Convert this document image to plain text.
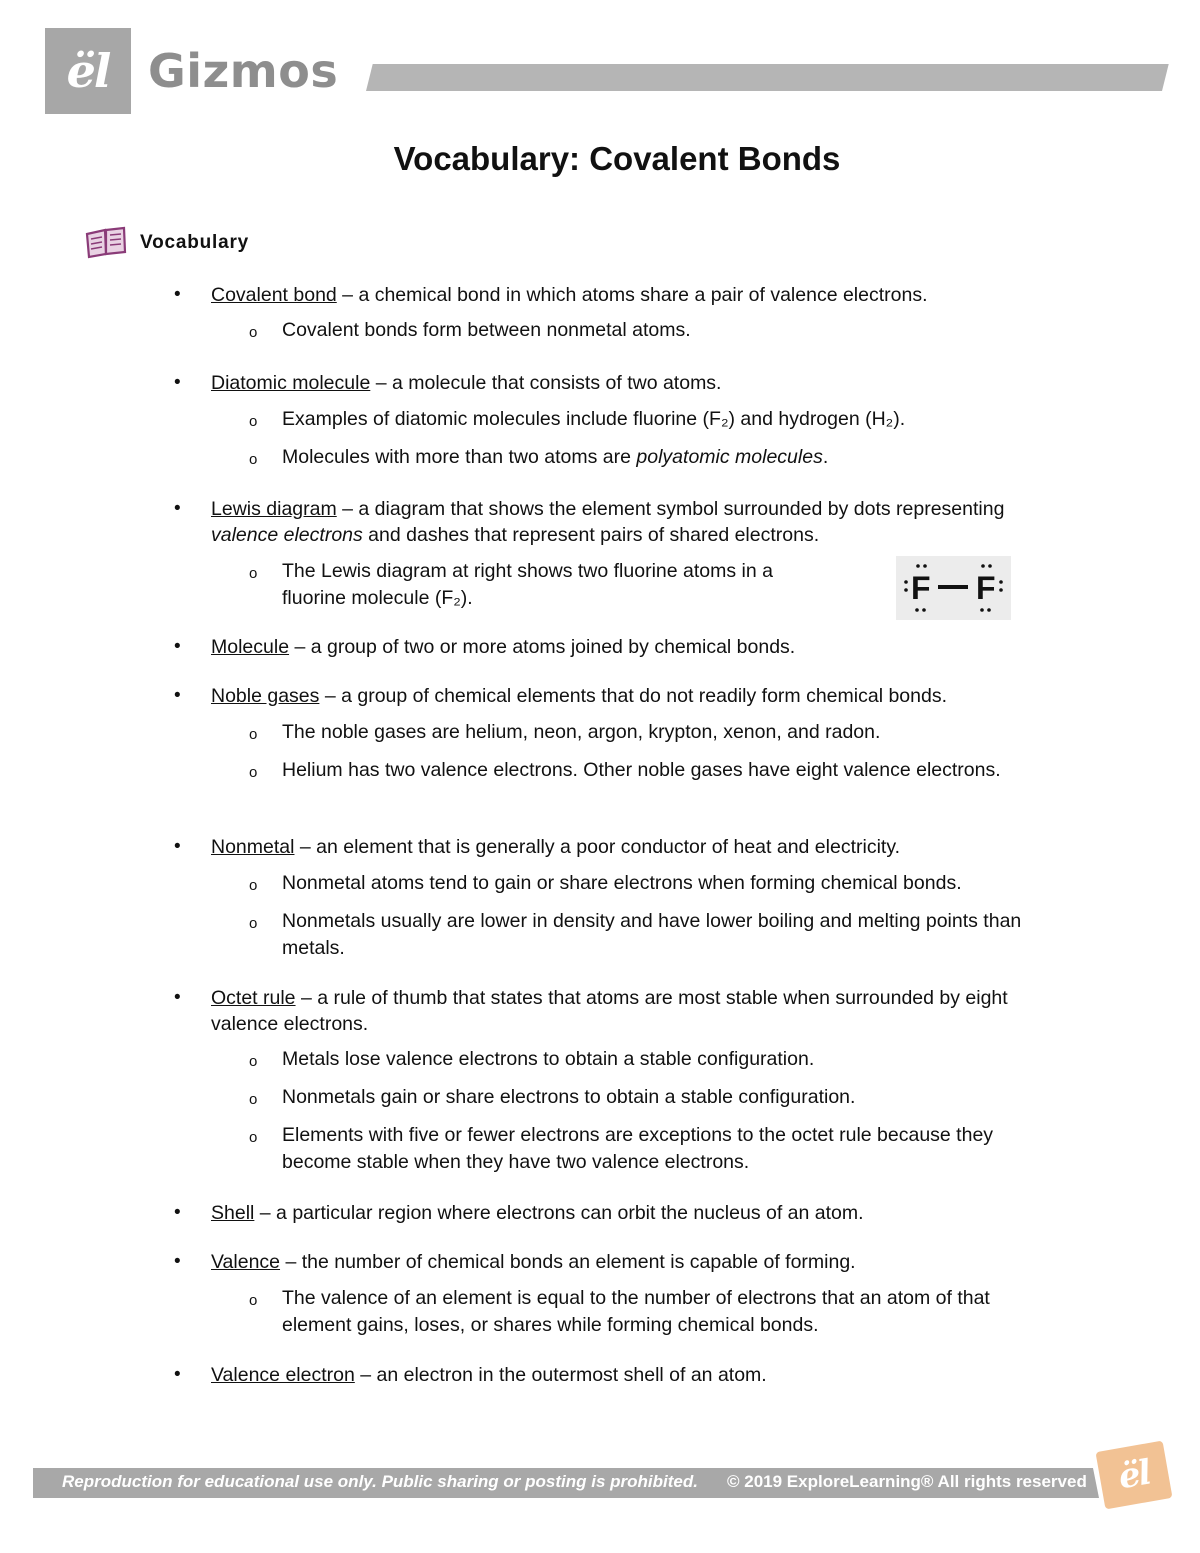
ël Gizmos
Vocabulary: Covalent Bonds
Vocabulary
• Covalent bond – a chemical bond in which atoms share a pair of valence electrons.
o Covalent bonds form between nonmetal atoms.
• Diatomic molecule – a molecule that consists of two atoms.
o Examples of diatomic molecules include fluorine (F₂) and hydrogen (H₂).
o Molecules with more than two atoms are polyatomic molecules.
• Lewis diagram – a diagram that shows the element symbol surrounded by dots representing valence electrons and dashes that represent pairs of shared electrons.
o The Lewis diagram at right shows two fluorine atoms in a fluorine molecule (F₂).
• Molecule – a group of two or more atoms joined by chemical bonds.
• Noble gases – a group of chemical elements that do not readily form chemical bonds.
o The noble gases are helium, neon, argon, krypton, xenon, and radon.
o Helium has two valence electrons. Other noble gases have eight valence electrons.
• Nonmetal – an element that is generally a poor conductor of heat and electricity.
o Nonmetal atoms tend to gain or share electrons when forming chemical bonds.
o Nonmetals usually are lower in density and have lower boiling and melting points than metals.
• Octet rule – a rule of thumb that states that atoms are most stable when surrounded by eight valence electrons.
o Metals lose valence electrons to obtain a stable configuration.
o Nonmetals gain or share electrons to obtain a stable configuration.
o Elements with five or fewer electrons are exceptions to the octet rule because they become stable when they have two valence electrons.
• Shell – a particular region where electrons can orbit the nucleus of an atom.
• Valence – the number of chemical bonds an element is capable of forming.
o The valence of an element is equal to the number of electrons that an atom of that element gains, loses, or shares while forming chemical bonds.
• Valence electron – an electron in the outermost shell of an atom.
F F
Reproduction for educational use only. Public sharing or posting is prohibited. © 2019 ExploreLearning® All rights reserved ël
